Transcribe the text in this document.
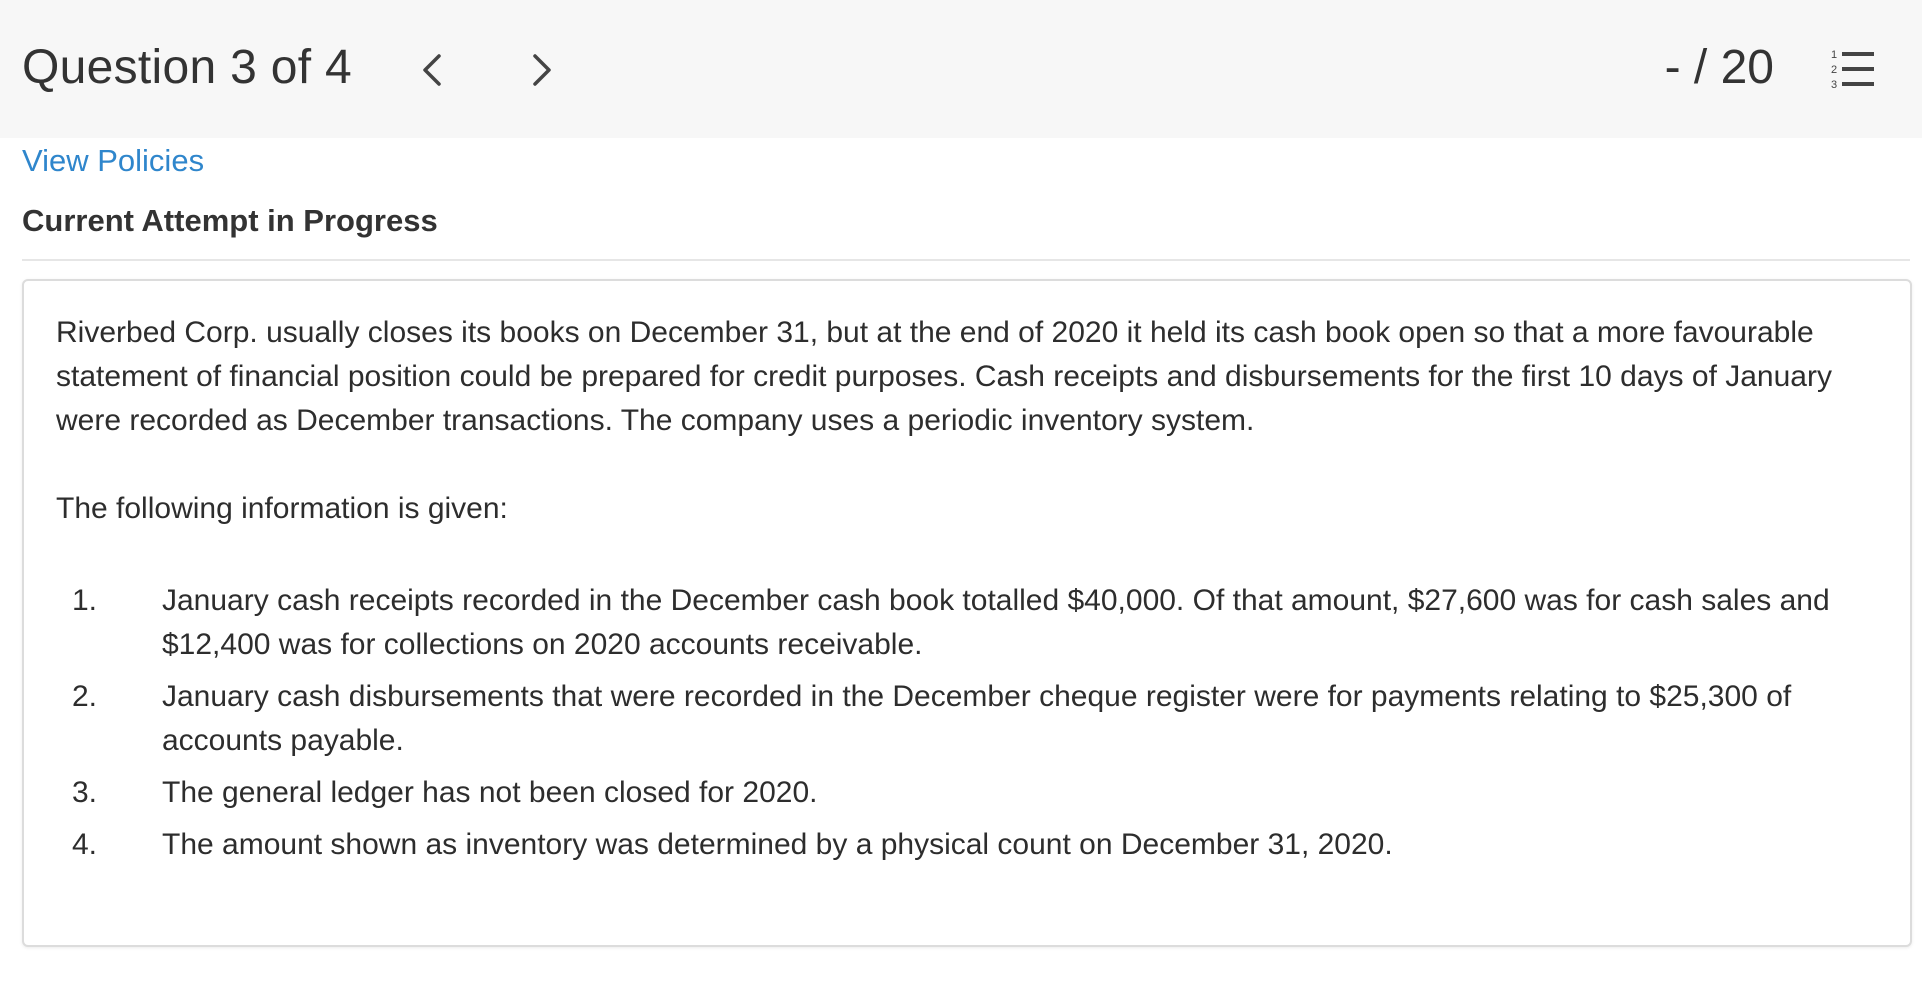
Question 3 of 4	- / 20	1
2
3
View Policies
Current Attempt in Progress

Riverbed Corp. usually closes its books on December 31, but at the end of 2020 it held its cash book open so that a more favourable statement of financial position could be prepared for credit purposes. Cash receipts and disbursements for the first 10 days of January were recorded as December transactions. The company uses a periodic inventory system.

The following information is given:

1. January cash receipts recorded in the December cash book totalled $40,000. Of that amount, $27,600 was for cash sales and $12,400 was for collections on 2020 accounts receivable.
2. January cash disbursements that were recorded in the December cheque register were for payments relating to $25,300 of accounts payable.
3. The general ledger has not been closed for 2020.
4. The amount shown as inventory was determined by a physical count on December 31, 2020.
